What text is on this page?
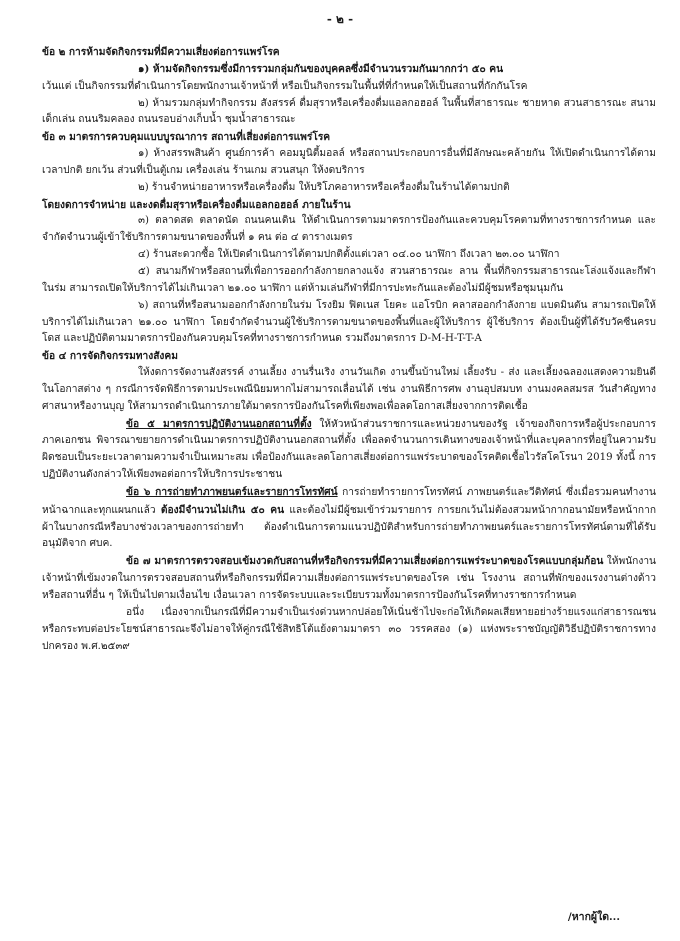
- ๒ -

ข้อ ๒ การห้ามจัดกิจกรรมที่มีความเสี่ยงต่อการแพร่โรค

๑) ห้ามจัดกิจกรรมซึ่งมีการรวมกลุ่มกันของบุคคลซึ่งมีจำนวนรวมกันมากกว่า ๕๐ คน

เว้นแต่ เป็นกิจกรรมที่ดำเนินการโดยพนักงานเจ้าหน้าที่ หรือเป็นกิจกรรมในพื้นที่ที่กำหนดให้เป็นสถานที่กักกันโรค

๒) ห้ามรวมกลุ่มทำกิจกรรม สังสรรค์ ดื่มสุราหรือเครื่องดื่มแอลกอฮอล์ ในพื้นที่สาธารณะ ชายหาด สวนสาธารณะ สนามเด็กเล่น ถนนริมคลอง ถนนรอบอ่างเก็บน้ำ ชุมน้ำสาธารณะ

ข้อ ๓ มาตรการควบคุมแบบบูรณาการ สถานที่เสี่ยงต่อการแพร่โรค

๑) ห้างสรรพสินค้า ศูนย์การค้า คอมมูนิตี้มอลล์ หรือสถานประกอบการอื่นที่มีลักษณะคล้ายกัน ให้เปิดดำเนินการได้ตามเวลาปกติ ยกเว้น ส่วนที่เป็นตู้เกม เครื่องเล่น ร้านเกม สวนสนุก ให้งดบริการ

๒) ร้านจำหน่ายอาหารหรือเครื่องดื่ม ให้บริโภคอาหารหรือเครื่องดื่มในร้านได้ตามปกติ

โดยงดการจำหน่าย และงดดื่มสุราหรือเครื่องดื่มแอลกอฮอล์ ภายในร้าน

๓) ตลาดสด ตลาดนัด ถนนคนเดิน ให้ดำเนินการตามมาตรการป้องกันและควบคุมโรคตามที่ทางราชการกำหนด และจำกัดจำนวนผู้เข้าใช้บริการตามขนาดของพื้นที่ ๑ คน ต่อ ๔ ตารางเมตร

๔) ร้านสะดวกซื้อ ให้เปิดดำเนินการได้ตามปกติตั้งแต่เวลา ๐๔.๐๐ นาฬิกา ถึงเวลา ๒๓.๐๐ นาฬิกา

๕) สนามกีฬาหรือสถานที่เพื่อการออกกำลังกายกลางแจ้ง สวนสาธารณะ ลาน พื้นที่กิจกรรมสาธารณะโล่งแจ้งและกีฬาในร่ม สามารถเปิดให้บริการได้ไม่เกินเวลา ๒๑.๐๐ นาฬิกา แต่ห้ามเล่นกีฬาที่มีการปะทะกันและต้องไม่มีผู้ชมหรือชุมนุมกัน

๖) สถานที่หรือสนามออกกำลังกายในร่ม โรงยิม ฟิตเนส โยคะ แอโรบิก คลาสออกกำลังกาย แบดมินตัน สามารถเปิดให้บริการได้ไม่เกินเวลา ๒๑.๐๐ นาฬิกา โดยจำกัดจำนวนผู้ใช้บริการตามขนาดของพื้นที่และผู้ให้บริการ ผู้ใช้บริการ ต้องเป็นผู้ที่ได้รับวัคซีนครบโดส และปฏิบัติตามมาตรการป้องกันควบคุมโรคที่ทางราชการกำหนด รวมถึงมาตรการ D-M-H-T-T-A

ข้อ ๔ การจัดกิจกรรมทางสังคม

ให้งดการจัดงานสังสรรค์ งานเลี้ยง งานรื่นเริง งานวันเกิด งานขึ้นบ้านใหม่ เลี้ยงรับ - ส่ง และเลี้ยงฉลองแสดงความยินดีในโอกาสต่าง ๆ กรณีการจัดพิธีการตามประเพณีนิยมหากไม่สามารถเลื่อนได้ เช่น งานพิธีการศพ งานอุปสมบท งานมงคลสมรส วันสำคัญทางศาสนาหรืองานบุญ ให้สามารถดำเนินการภายใต้มาตรการป้องกันโรคที่เพียงพอเพื่อลดโอกาสเสี่ยงจากการติดเชื้อ

ข้อ ๕ มาตรการปฏิบัติงานนอกสถานที่ตั้ง ให้หัวหน้าส่วนราชการและหน่วยงานของรัฐ เจ้าของกิจการหรือผู้ประกอบการภาคเอกชน พิจารณาขยายการดำเนินมาตรการปฏิบัติงานนอกสถานที่ตั้ง เพื่อลดจำนวนการเดินทางของเจ้าหน้าที่และบุคลากรที่อยู่ในความรับผิดชอบเป็นระยะเวลาตามความจำเป็นเหมาะสม เพื่อป้องกันและลดโอกาสเสี่ยงต่อการแพร่ระบาดของโรคติดเชื้อไวรัสโคโรนา 2019 ทั้งนี้ การปฏิบัติงานดังกล่าวให้เพียงพอต่อการให้บริการประชาชน

ข้อ ๖ การถ่ายทำภาพยนตร์และรายการโทรทัศน์ การถ่ายทำรายการโทรทัศน์ ภาพยนตร์และวีดิทัศน์ ซึ่งเมื่อรวมคนทำงานหน้าฉากและทุกแผนกแล้ว ต้องมีจำนวนไม่เกิน ๕๐ คน และต้องไม่มีผู้ชมเข้าร่วมรายการ การยกเว้นไม่ต้องสวมหน้ากากอนามัยหรือหน้ากากผ้าในบางกรณีหรือบางช่วงเวลาของการถ่ายทำ ต้องดำเนินการตามแนวปฏิบัติสำหรับการถ่ายทำภาพยนตร์และรายการโทรทัศน์ตามที่ได้รับอนุมัติจาก ศบค.

ข้อ ๗ มาตรการตรวจสอบเข้มงวดกับสถานที่หรือกิจกรรมที่มีความเสี่ยงต่อการแพร่ระบาดของโรคแบบกลุ่มก้อน ให้พนักงานเจ้าหน้าที่เข้มงวดในการตรวจสอบสถานที่หรือกิจกรรมที่มีความเสี่ยงต่อการแพร่ระบาดของโรค เช่น โรงงาน สถานที่พักของแรงงานต่างด้าว หรือสถานที่อื่น ๆ ให้เป็นไปตามเงื่อนไข เงื่อนเวลา การจัดระบบและระเบียบรวมทั้งมาตรการป้องกันโรคที่ทางราชการกำหนด

อนึ่ง เนื่องจากเป็นกรณีที่มีความจำเป็นเร่งด่วนหากปล่อยให้เนิ่นช้าไปจะก่อให้เกิดผลเสียหายอย่างร้ายแรงแก่สาธารณชนหรือกระทบต่อประโยชน์สาธารณะจึงไม่อาจให้คู่กรณีใช้สิทธิโต้แย้งตามมาตรา ๓๐ วรรคสอง (๑) แห่งพระราชบัญญัติวิธีปฏิบัติราชการทางปกครอง พ.ศ.๒๕๓๙

/หากผู้ใด...
